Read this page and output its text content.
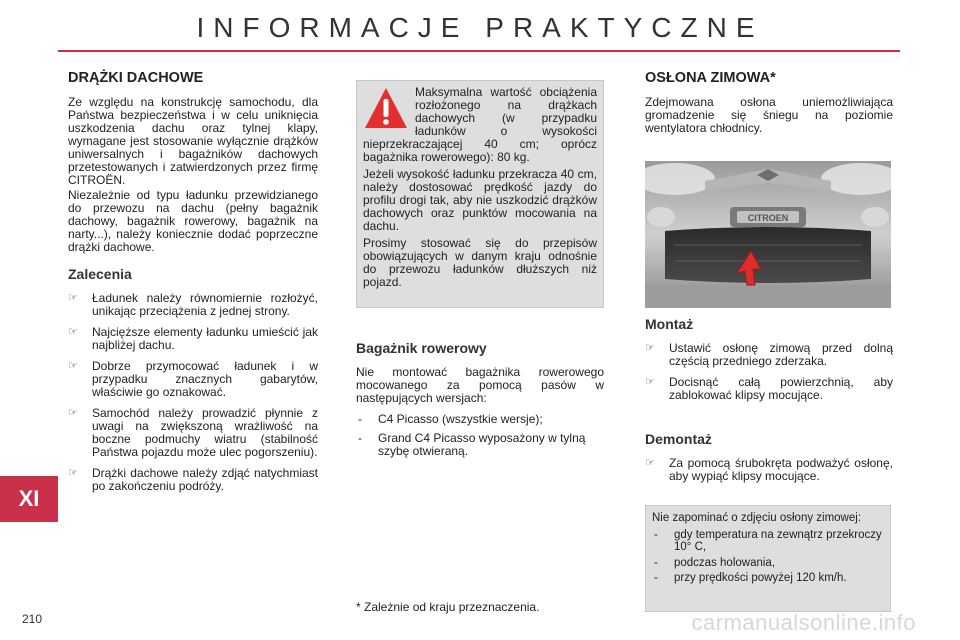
INFORMACJE PRAKTYCZNE
DRĄŻKI DACHOWE

Ze względu na konstrukcję samochodu, dla Państwa bezpieczeństwa i w celu uniknięcia uszkodzenia dachu oraz tylnej klapy, wymagane jest stosowanie wyłącznie drążków uniwersalnych i bagażników dachowych przetestowanych i zatwierdzonych przez firmę CITROËN.

Niezależnie od typu ładunku przewidzianego do przewozu na dachu (pełny bagażnik dachowy, bagażnik rowerowy, bagażnik na narty...), należy koniecznie dodać poprzeczne drążki dachowe.

Zalecenia
☞ Ładunek należy równomiernie rozłożyć, unikając przeciążenia z jednej strony.
☞ Najcięższe elementy ładunku umieścić jak najbliżej dachu.
☞ Dobrze przymocować ładunek i w przypadku znacznych gabarytów, właściwie go oznakować.
☞ Samochód należy prowadzić płynnie z uwagi na zwiększoną wrażliwość na boczne podmuchy wiatru (stabilność Państwa pojazdu może ulec pogorszeniu).
☞ Drążki dachowe należy zdjąć natychmiast po zakończeniu podróży.

Maksymalna wartość obciążenia rozłożonego na drążkach dachowych (w przypadku ładunków o wysokości nieprzekraczającej 40 cm; oprócz bagażnika rowerowego): 80 kg.

Jeżeli wysokość ładunku przekracza 40 cm, należy dostosować prędkość jazdy do profilu drogi tak, aby nie uszkodzić drążków dachowych oraz punktów mocowania na dachu.

Prosimy stosować się do przepisów obowiązujących w danym kraju odnośnie do przewozu ładunków dłuższych niż pojazd.

Bagażnik rowerowy

Nie montować bagażnika rowerowego mocowanego za pomocą pasów w następujących wersjach:

- C4 Picasso (wszystkie wersje);
- Grand C4 Picasso wyposażony w tylną szybę otwieraną.
OSŁONA ZIMOWA*

Zdejmowana osłona uniemożliwiająca gromadzenie się śniegu na poziomie wentylatora chłodnicy.

CITROEN
Montaż
☞ Ustawić osłonę zimową przed dolną częścią przedniego zderzaka.
☞ Docisnąć całą powierzchnią, aby zablokować klipsy mocujące.
Demontaż
☞ Za pomocą śrubokręta podważyć osłonę, aby wypiąć klipsy mocujące.

Nie zapominać o zdjęciu osłony zimowej:

- gdy temperatura na zewnątrz przekroczy 10° C,
- podczas holowania,
- przy prędkości powyżej 120 km/h.
* Zależnie od kraju przeznaczenia.
XI
210	carmanualsonline.info
